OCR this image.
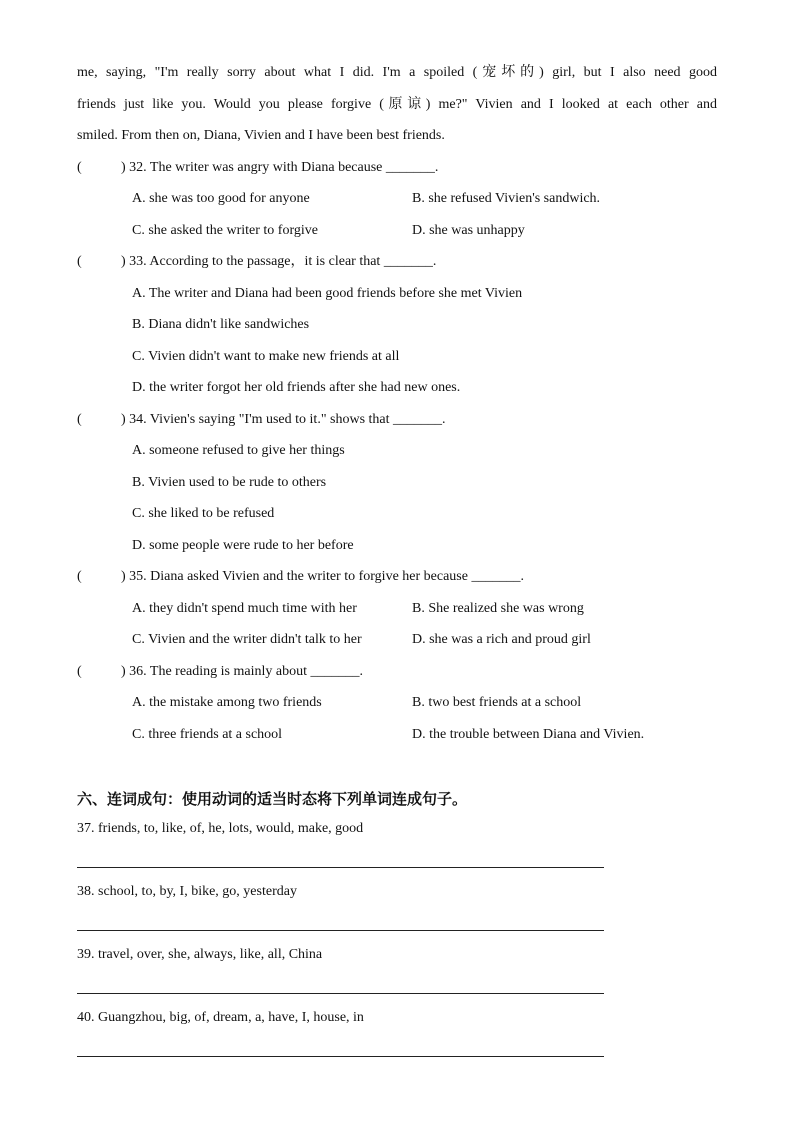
me, saying, "I'm really sorry about what I did. I'm a spoiled (宠坏的) girl, but I also need good
friends just like you. Would you please forgive (原谅) me?" Vivien and I looked at each other and
smiled. From then on, Diana, Vivien and I have been best friends.
(	) 32. The writer was angry with Diana because _______.
A. she was too good for anyone	B. she refused Vivien's sandwich.
C. she asked the writer to forgive	D. she was unhappy
(	) 33. According to the passage，it is clear that _______.
A. The writer and Diana had been good friends before she met Vivien
B. Diana didn't like sandwiches
C. Vivien didn't want to make new friends at all
D. the writer forgot her old friends after she had new ones.
(	) 34. Vivien's saying "I'm used to it." shows that _______.
A. someone refused to give her things
B. Vivien used to be rude to others
C. she liked to be refused
D. some people were rude to her before
(	) 35. Diana asked Vivien and the writer to forgive her because _______.
A. they didn't spend much time with her	B. She realized she was wrong
C. Vivien and the writer didn't talk to her	D. she was a rich and proud girl
(	) 36. The reading is mainly about _______.
A. the mistake among two friends	B. two best friends at a school
C. three friends at a school	D. the trouble between Diana and Vivien.
六、连词成句：使用动词的适当时态将下列单词连成句子。
37. friends, to, like, of, he, lots, would, make, good
38. school, to, by, I, bike, go, yesterday
39. travel, over, she, always, like, all, China
40. Guangzhou, big, of, dream, a, have, I, house, in
